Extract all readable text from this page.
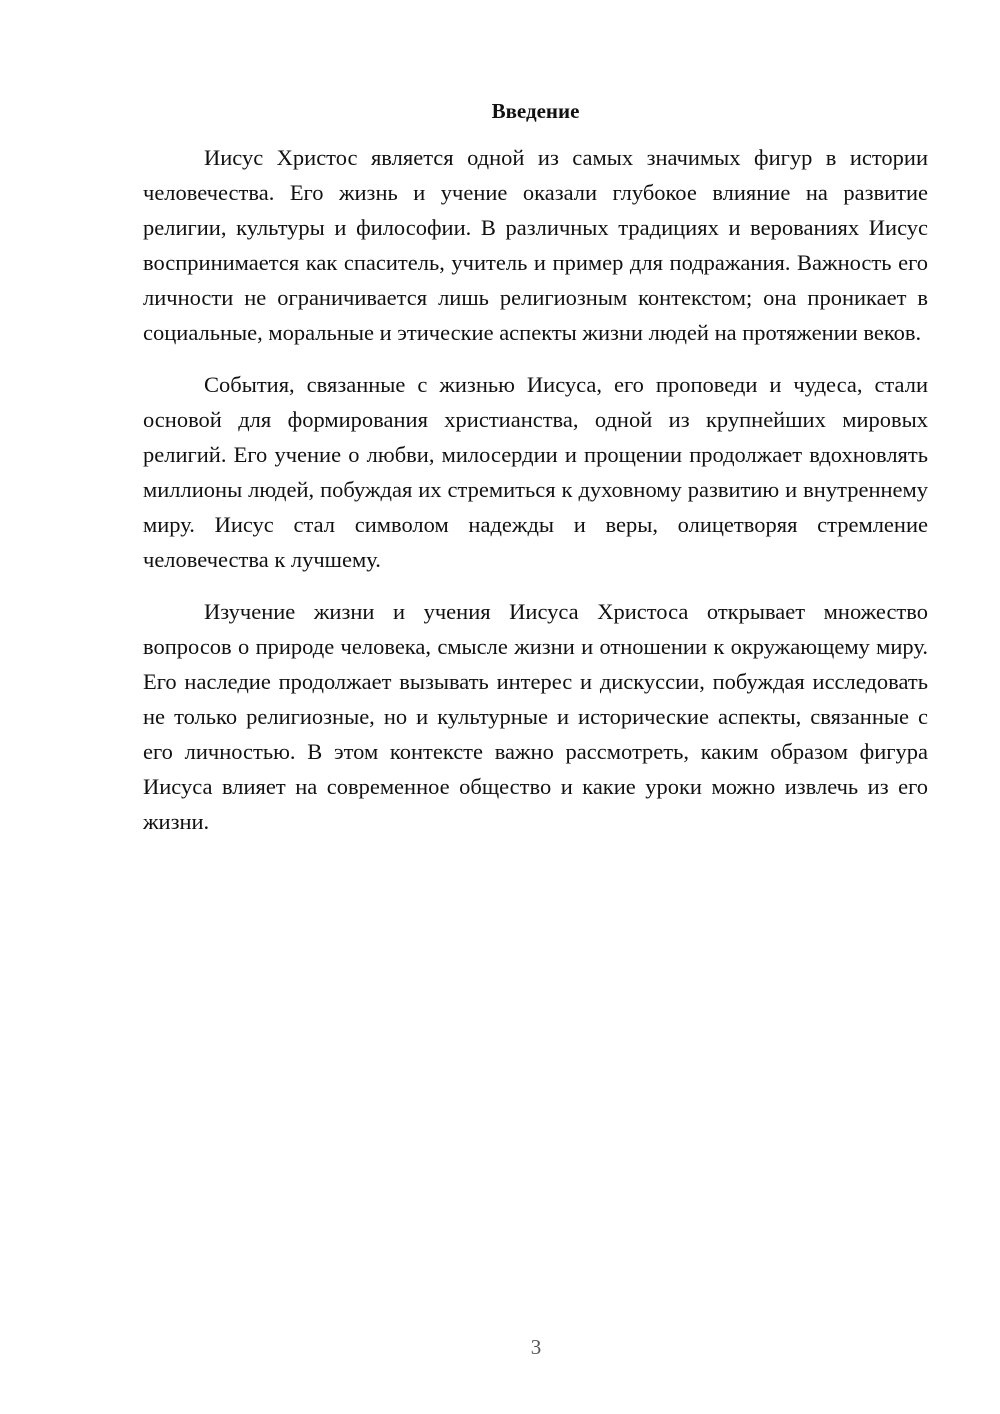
Введение

Иисус Христос является одной из самых значимых фигур в истории человечества. Его жизнь и учение оказали глубокое влияние на развитие религии, культуры и философии. В различных традициях и верованиях Иисус воспринимается как спаситель, учитель и пример для подражания. Важность его личности не ограничивается лишь религиозным контекстом; она проникает в социальные, моральные и этические аспекты жизни людей на протяжении веков.

События, связанные с жизнью Иисуса, его проповеди и чудеса, стали основой для формирования христианства, одной из крупнейших мировых религий. Его учение о любви, милосердии и прощении продолжает вдохновлять миллионы людей, побуждая их стремиться к духовному развитию и внутреннему миру. Иисус стал символом надежды и веры, олицетворяя стремление человечества к лучшему.

Изучение жизни и учения Иисуса Христоса открывает множество вопросов о природе человека, смысле жизни и отношении к окружающему миру. Его наследие продолжает вызывать интерес и дискуссии, побуждая исследовать не только религиозные, но и культурные и исторические аспекты, связанные с его личностью. В этом контексте важно рассмотреть, каким образом фигура Иисуса влияет на современное общество и какие уроки можно извлечь из его жизни.

3
